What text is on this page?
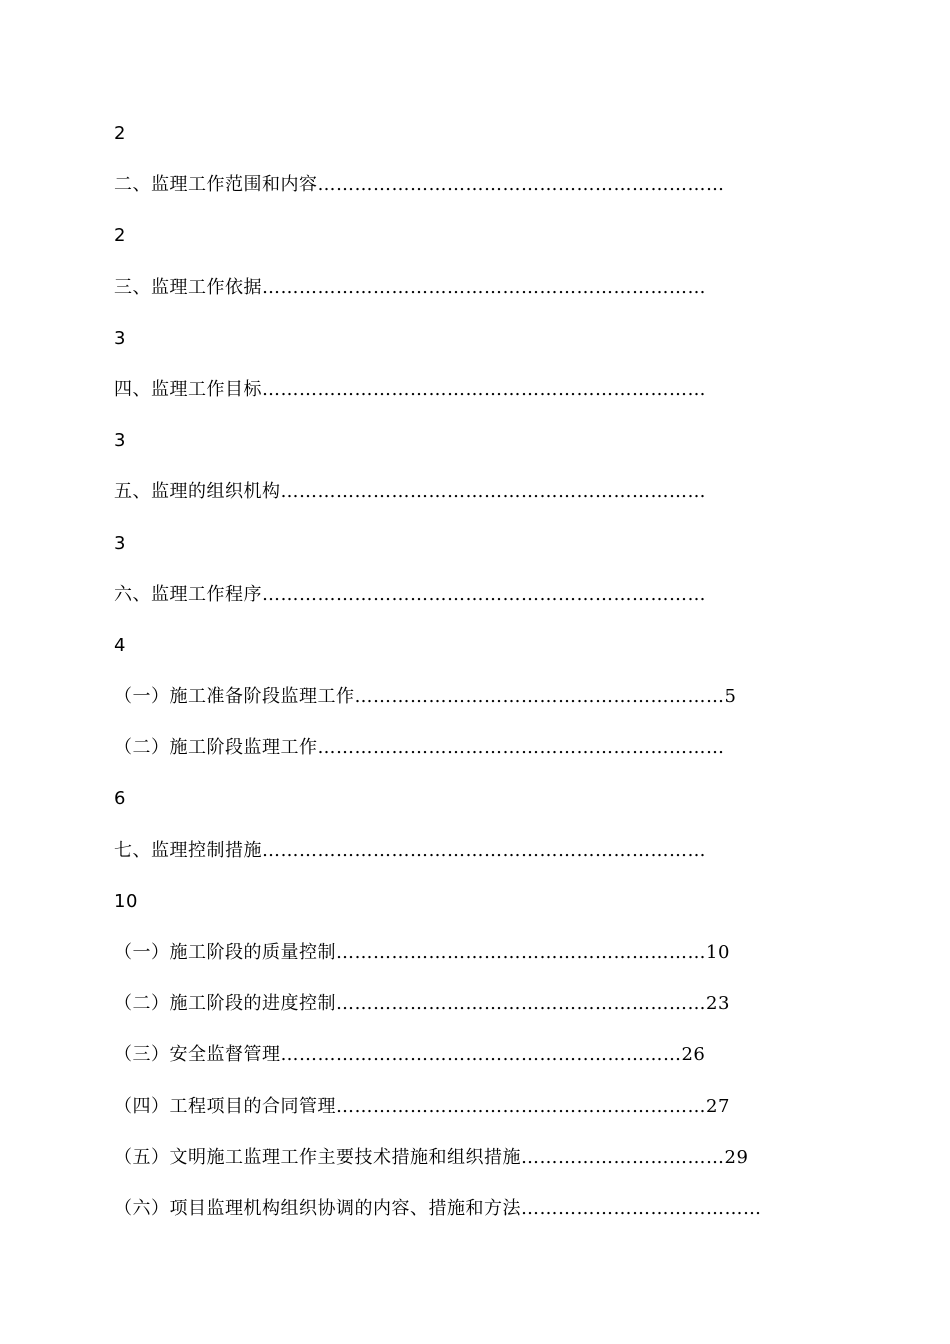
2
二、监理工作范围和内容…………………………………………………………
2
三、监理工作依据………………………………………………………………
3
四、监理工作目标………………………………………………………………
3
五、监理的组织机构……………………………………………………………
3
六、监理工作程序………………………………………………………………
4
（一）施工准备阶段监理工作……………………………………………………5
（二）施工阶段监理工作…………………………………………………………
6
七、监理控制措施………………………………………………………………
10
（一）施工阶段的质量控制……………………………………………………10
（二）施工阶段的进度控制……………………………………………………23
（三）安全监督管理…………………………………………..……………26
（四）工程项目的合同管理……………………………………………………27
（五）文明施工监理工作主要技术措施和组织措施……………………………29
（六）项目监理机构组织协调的内容、措施和方法…………………………………
